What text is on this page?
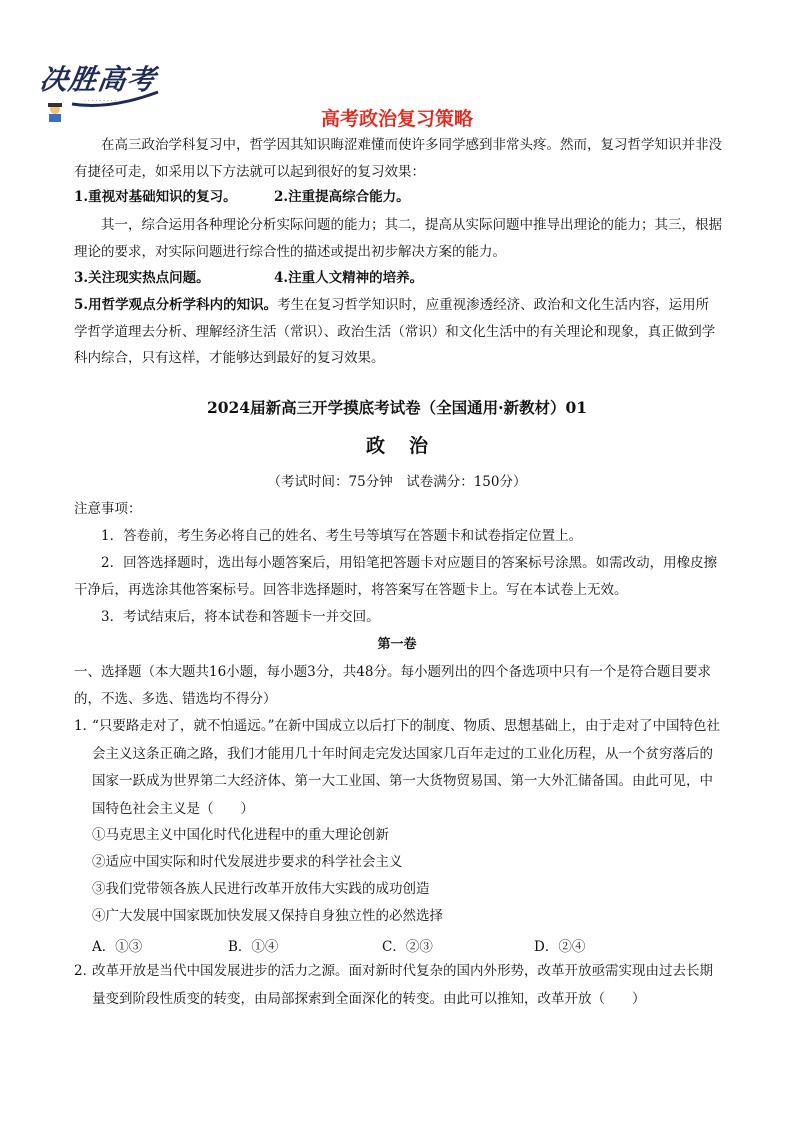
决胜高考
· · · · · · · · ·
高考政治复习策略
在高三政治学科复习中，哲学因其知识晦涩难懂而使许多同学感到非常头疼。然而，复习哲学知识并非没有捷径可走，如采用以下方法就可以起到很好的复习效果：
1.重视对基础知识的复习。	2.注重提高综合能力。
其一，综合运用各种理论分析实际问题的能力；其二，提高从实际问题中推导出理论的能力；其三，根据理论的要求，对实际问题进行综合性的描述或提出初步解决方案的能力。
3.关注现实热点问题。	4.注重人文精神的培养。
5.用哲学观点分析学科内的知识。考生在复习哲学知识时，应重视渗透经济、政治和文化生活内容，运用所学哲学道理去分析、理解经济生活（常识）、政治生活（常识）和文化生活中的有关理论和现象，真正做到学科内综合，只有这样，才能够达到最好的复习效果。
2024届新高三开学摸底考试卷（全国通用·新教材）01
政治
（考试时间：75分钟　试卷满分：150分）
注意事项：
1．答卷前，考生务必将自己的姓名、考生号等填写在答题卡和试卷指定位置上。
2．回答选择题时，选出每小题答案后，用铅笔把答题卡对应题目的答案标号涂黑。如需改动，用橡皮擦干净后，再选涂其他答案标号。回答非选择题时，将答案写在答题卡上。写在本试卷上无效。
3．考试结束后，将本试卷和答题卡一并交回。
第一卷
一、选择题（本大题共16小题，每小题3分，共48分。每小题列出的四个备选项中只有一个是符合题目要求的，不选、多选、错选均不得分）
1．
“只要路走对了，就不怕遥远。”在新中国成立以后打下的制度、物质、思想基础上，由于走对了中国特色社会主义这条正确之路，我们才能用几十年时间走完发达国家几百年走过的工业化历程，从一个贫穷落后的国家一跃成为世界第二大经济体、第一大工业国、第一大货物贸易国、第一大外汇储备国。由此可见，中国特色社会主义是（　　）
①马克思主义中国化时代化进程中的重大理论创新
②适应中国实际和时代发展进步要求的科学社会主义
③我们党带领各族人民进行改革开放伟大实践的成功创造
④广大发展中国家既加快发展又保持自身独立性的必然选择
A．①③	B．①④	C．②③	D．②④
2．
改革开放是当代中国发展进步的活力之源。面对新时代复杂的国内外形势，改革开放亟需实现由过去长期量变到阶段性质变的转变，由局部探索到全面深化的转变。由此可以推知，改革开放（　　）
